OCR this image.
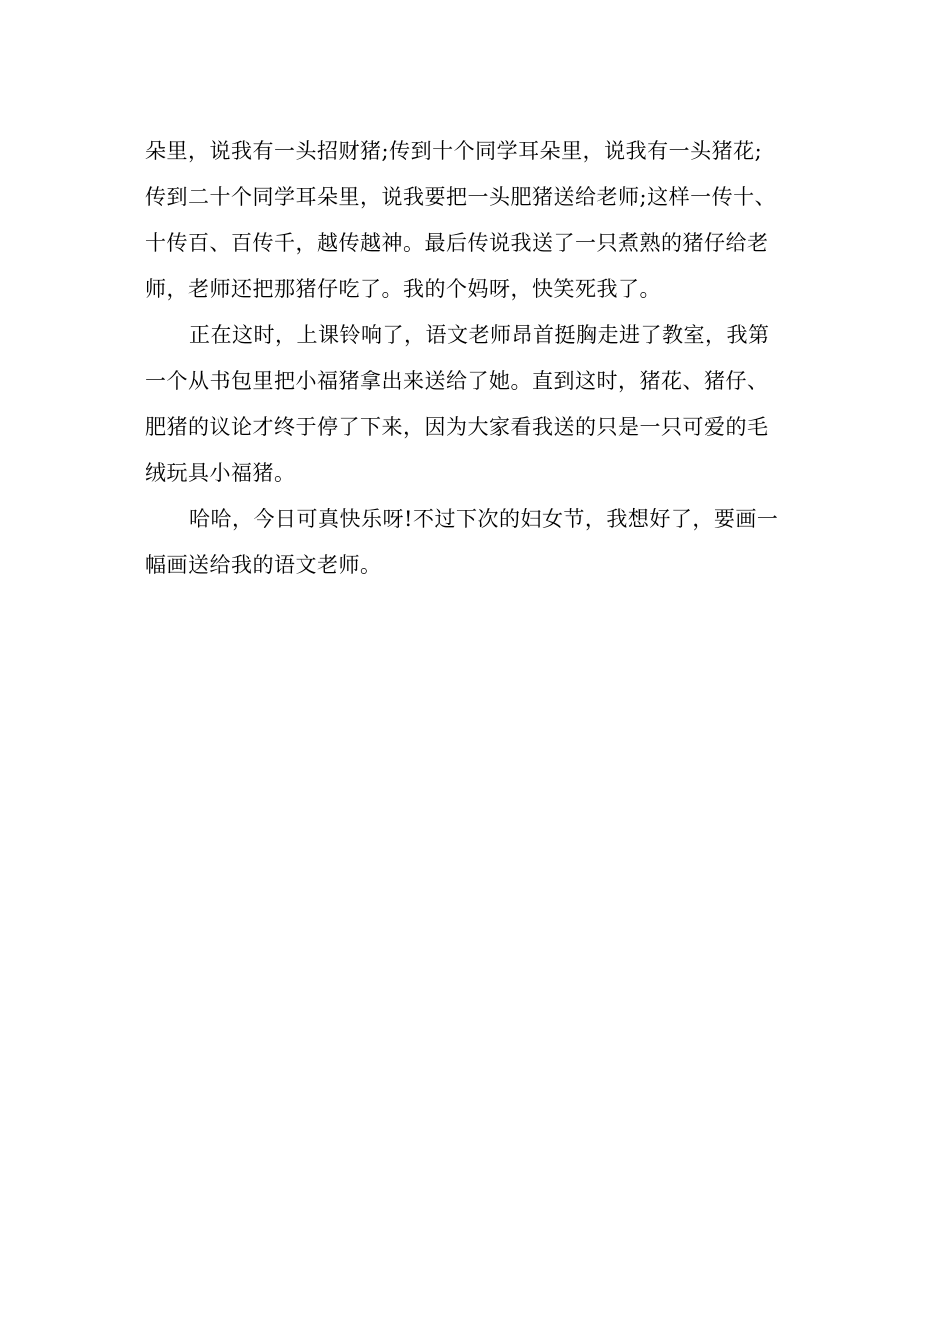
朵里，说我有一头招财猪;传到十个同学耳朵里，说我有一头猪花;
传到二十个同学耳朵里，说我要把一头肥猪送给老师;这样一传十、
十传百、百传千，越传越神。最后传说我送了一只煮熟的猪仔给老
师，老师还把那猪仔吃了。我的个妈呀，快笑死我了。
正在这时，上课铃响了，语文老师昂首挺胸走进了教室，我第
一个从书包里把小福猪拿出来送给了她。直到这时，猪花、猪仔、
肥猪的议论才终于停了下来，因为大家看我送的只是一只可爱的毛
绒玩具小福猪。
哈哈，今日可真快乐呀!不过下次的妇女节，我想好了，要画一
幅画送给我的语文老师。
